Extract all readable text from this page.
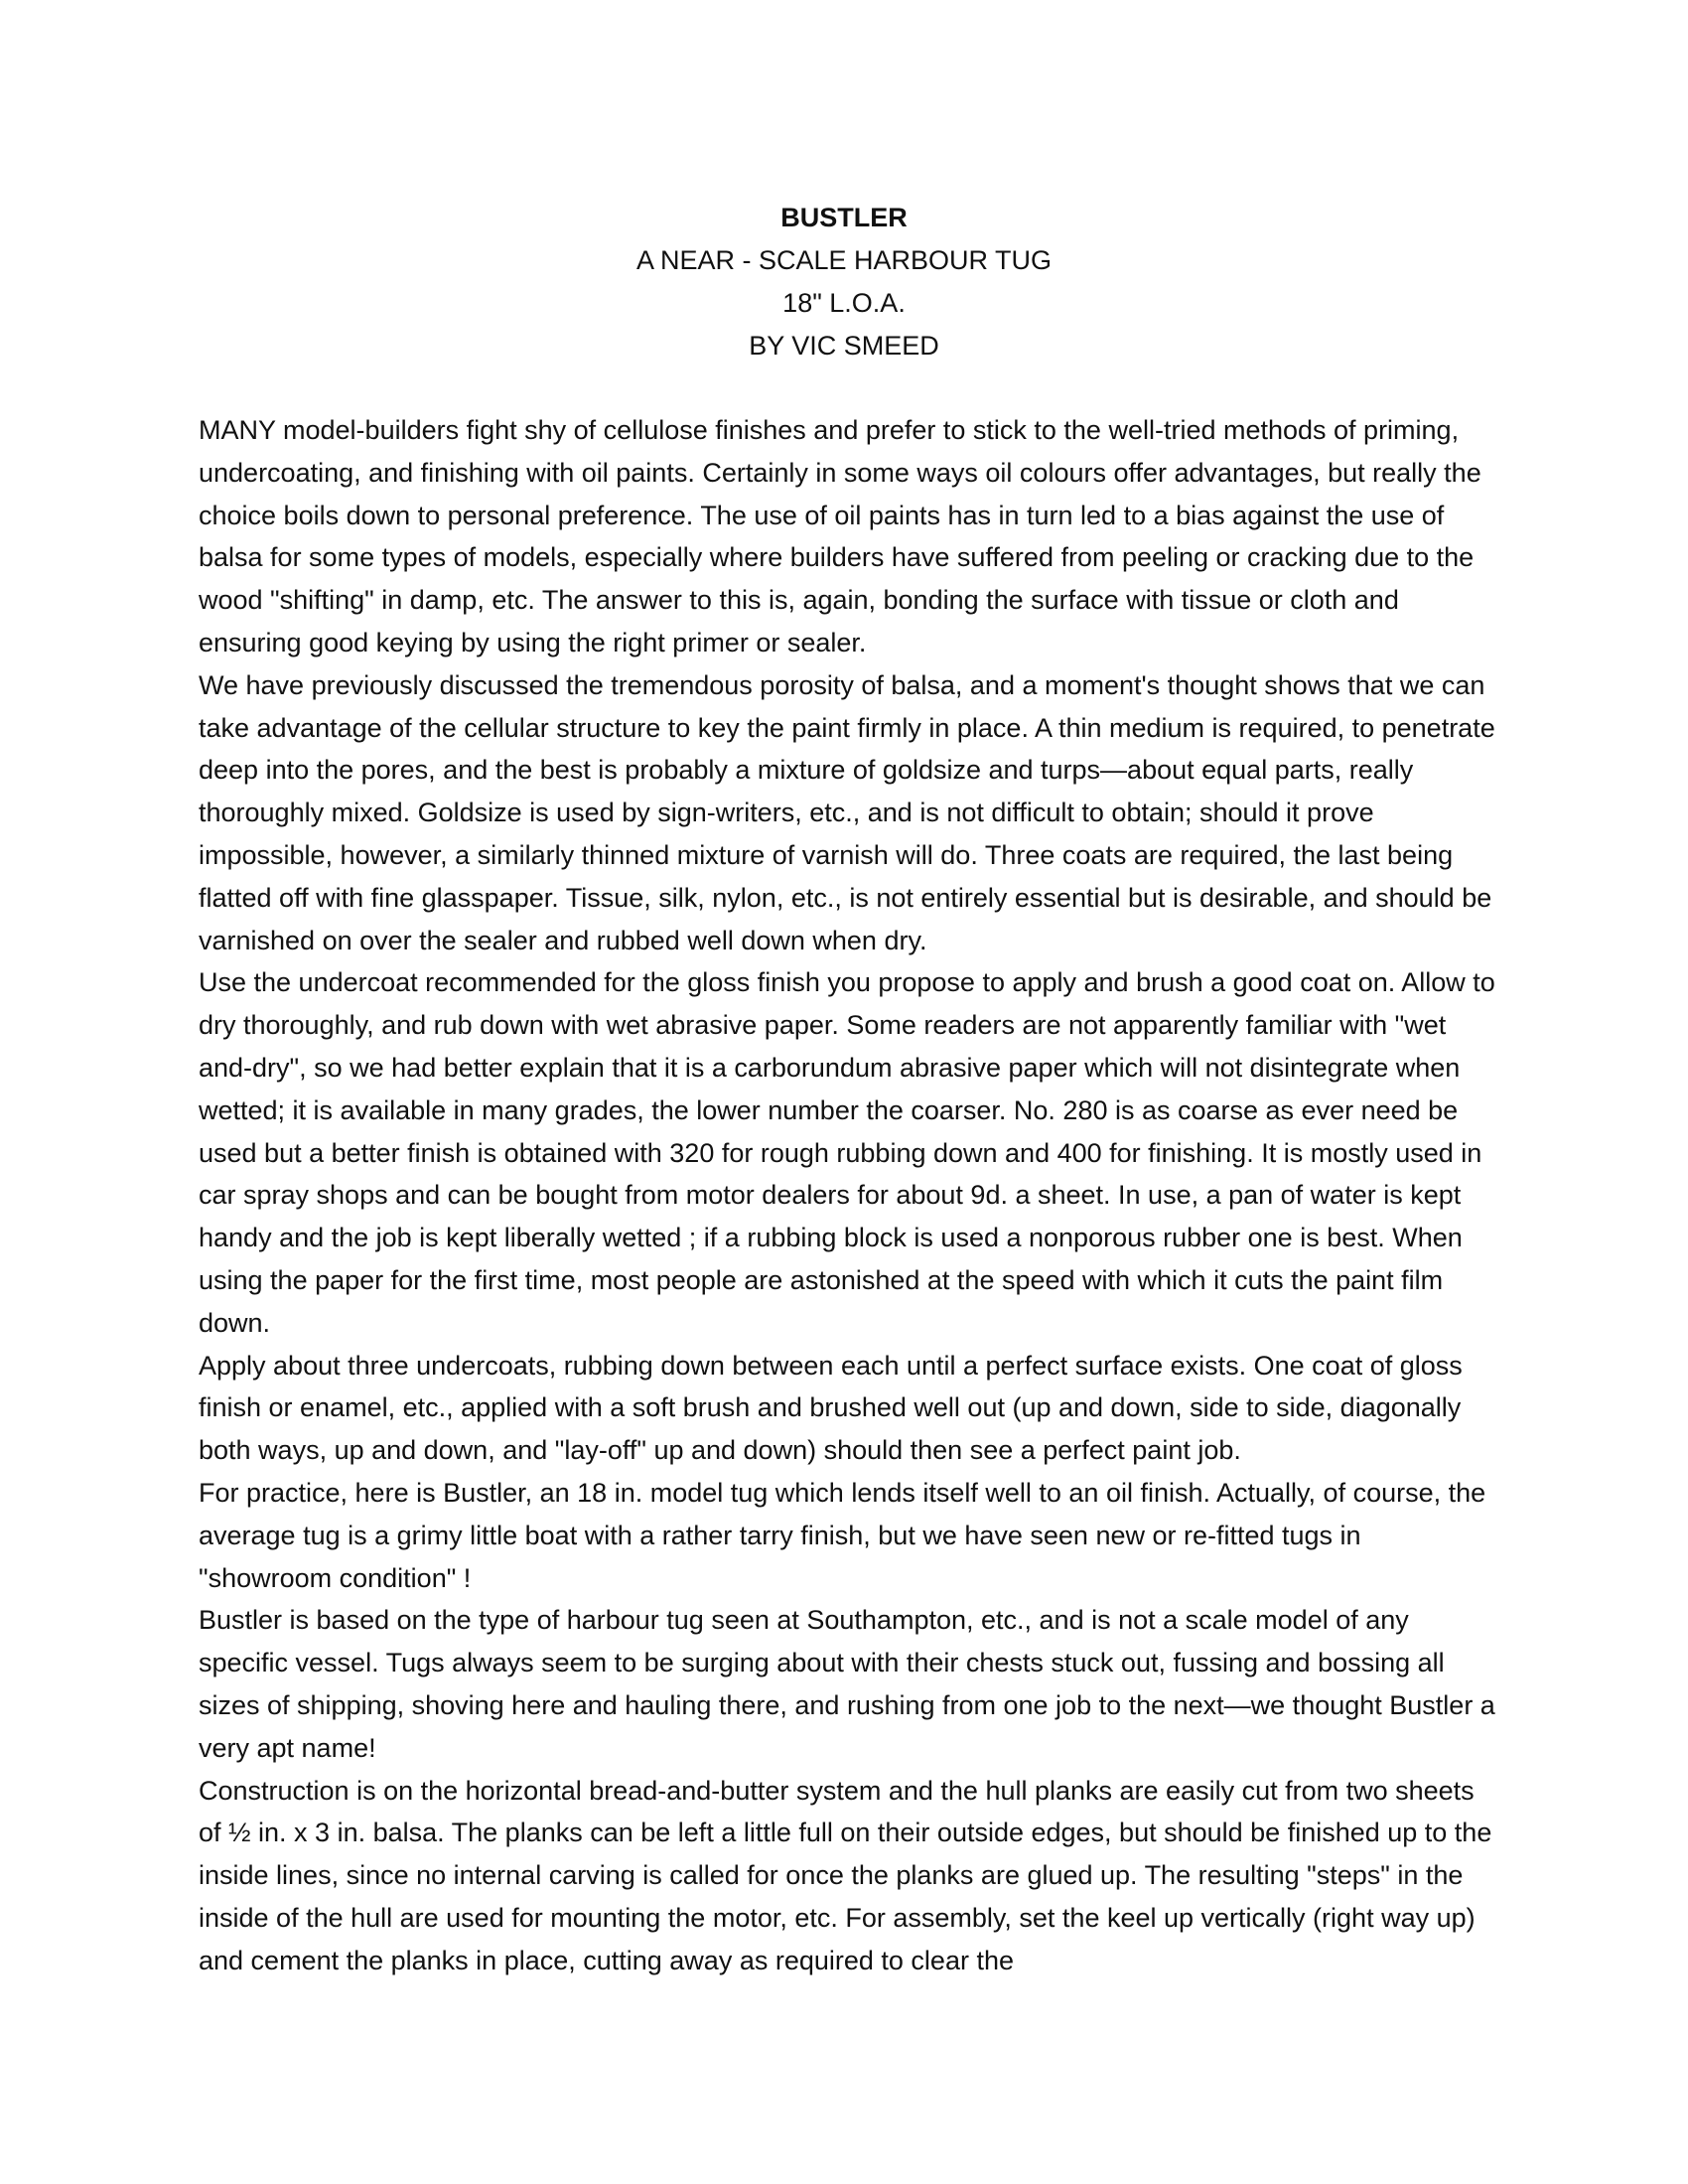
BUSTLER
A NEAR - SCALE HARBOUR TUG
18" L.O.A.
BY VIC SMEED

MANY model-builders fight shy of cellulose finishes and prefer to stick to the well-tried methods of priming, undercoating, and finishing with oil paints. Certainly in some ways oil colours offer advantages, but really the choice boils down to personal preference. The use of oil paints has in turn led to a bias against the use of balsa for some types of models, especially where builders have suffered from peeling or cracking due to the wood "shifting" in damp, etc. The answer to this is, again, bonding the surface with tissue or cloth and ensuring good keying by using the right primer or sealer.

We have previously discussed the tremendous porosity of balsa, and a moment's thought shows that we can take advantage of the cellular structure to key the paint firmly in place. A thin medium is required, to penetrate deep into the pores, and the best is probably a mixture of goldsize and turps—about equal parts, really thoroughly mixed. Goldsize is used by sign-writers, etc., and is not difficult to obtain; should it prove impossible, however, a similarly thinned mixture of varnish will do. Three coats are required, the last being flatted off with fine glasspaper. Tissue, silk, nylon, etc., is not entirely essential but is desirable, and should be varnished on over the sealer and rubbed well down when dry.

Use the undercoat recommended for the gloss finish you propose to apply and brush a good coat on. Allow to dry thoroughly, and rub down with wet abrasive paper. Some readers are not apparently familiar with "wet and-dry", so we had better explain that it is a carborundum abrasive paper which will not disintegrate when wetted; it is available in many grades, the lower number the coarser. No. 280 is as coarse as ever need be used but a better finish is obtained with 320 for rough rubbing down and 400 for finishing. It is mostly used in car spray shops and can be bought from motor dealers for about 9d. a sheet. In use, a pan of water is kept handy and the job is kept liberally wetted ; if a rubbing block is used a nonporous rubber one is best. When using the paper for the first time, most people are astonished at the speed with which it cuts the paint film down.

Apply about three undercoats, rubbing down between each until a perfect surface exists. One coat of gloss finish or enamel, etc., applied with a soft brush and brushed well out (up and down, side to side, diagonally both ways, up and down, and "lay-off" up and down) should then see a perfect paint job.

For practice, here is Bustler, an 18 in. model tug which lends itself well to an oil finish. Actually, of course, the average tug is a grimy little boat with a rather tarry finish, but we have seen new or re-fitted tugs in "showroom condition" !

Bustler is based on the type of harbour tug seen at Southampton, etc., and is not a scale model of any specific vessel. Tugs always seem to be surging about with their chests stuck out, fussing and bossing all sizes of shipping, shoving here and hauling there, and rushing from one job to the next—we thought Bustler a very apt name!

Construction is on the horizontal bread-and-butter system and the hull planks are easily cut from two sheets of ½ in. x 3 in. balsa. The planks can be left a little full on their outside edges, but should be finished up to the inside lines, since no internal carving is called for once the planks are glued up. The resulting "steps" in the inside of the hull are used for mounting the motor, etc. For assembly, set the keel up vertically (right way up) and cement the planks in place, cutting away as required to clear the
